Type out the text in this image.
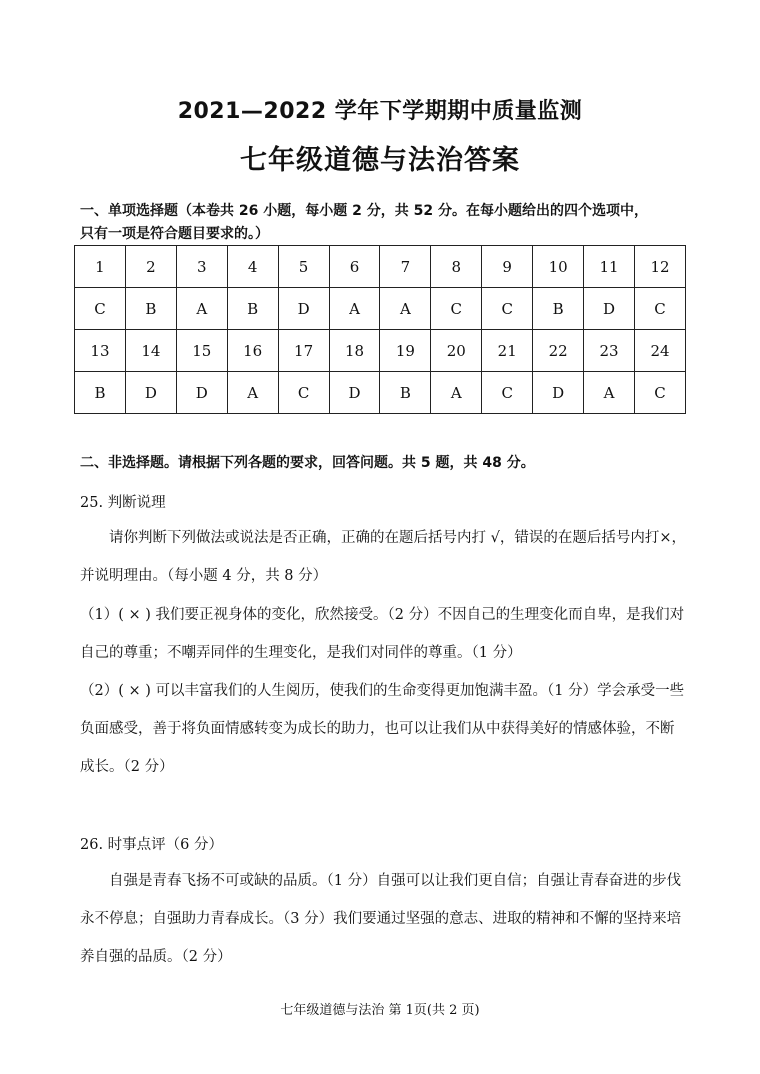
2021—2022 学年下学期期中质量监测
七年级道德与法治答案
一、单项选择题（本卷共 26 小题，每小题 2 分，共 52 分。在每小题给出的四个选项中，
只有一项是符合题目要求的。）
1	2	3	4	5	6	7	8	9	10	11	12
C	B	A	B	D	A	A	C	C	B	D	C
13	14	15	16	17	18	19	20	21	22	23	24
B	D	D	A	C	D	B	A	C	D	A	C
二、非选择题。请根据下列各题的要求，回答问题。共 5 题，共 48 分。
25. 判断说理
请你判断下列做法或说法是否正确，正确的在题后括号内打 √，错误的在题后括号内打×，并说明理由。（每小题 4 分，共 8 分）
（1）( × ) 我们要正视身体的变化，欣然接受。（2 分）不因自己的生理变化而自卑，是我们对自己的尊重；不嘲弄同伴的生理变化，是我们对同伴的尊重。（1 分）
（2）( × ) 可以丰富我们的人生阅历，使我们的生命变得更加饱满丰盈。（1 分）学会承受一些负面感受，善于将负面情感转变为成长的助力，也可以让我们从中获得美好的情感体验，不断成长。（2 分）
26. 时事点评（6 分）
自强是青春飞扬不可或缺的品质。（1 分）自强可以让我们更自信；自强让青春奋进的步伐永不停息；自强助力青春成长。（3 分）我们要通过坚强的意志、进取的精神和不懈的坚持来培养自强的品质。（2 分）
七年级道德与法治 第 1页(共 2 页)
